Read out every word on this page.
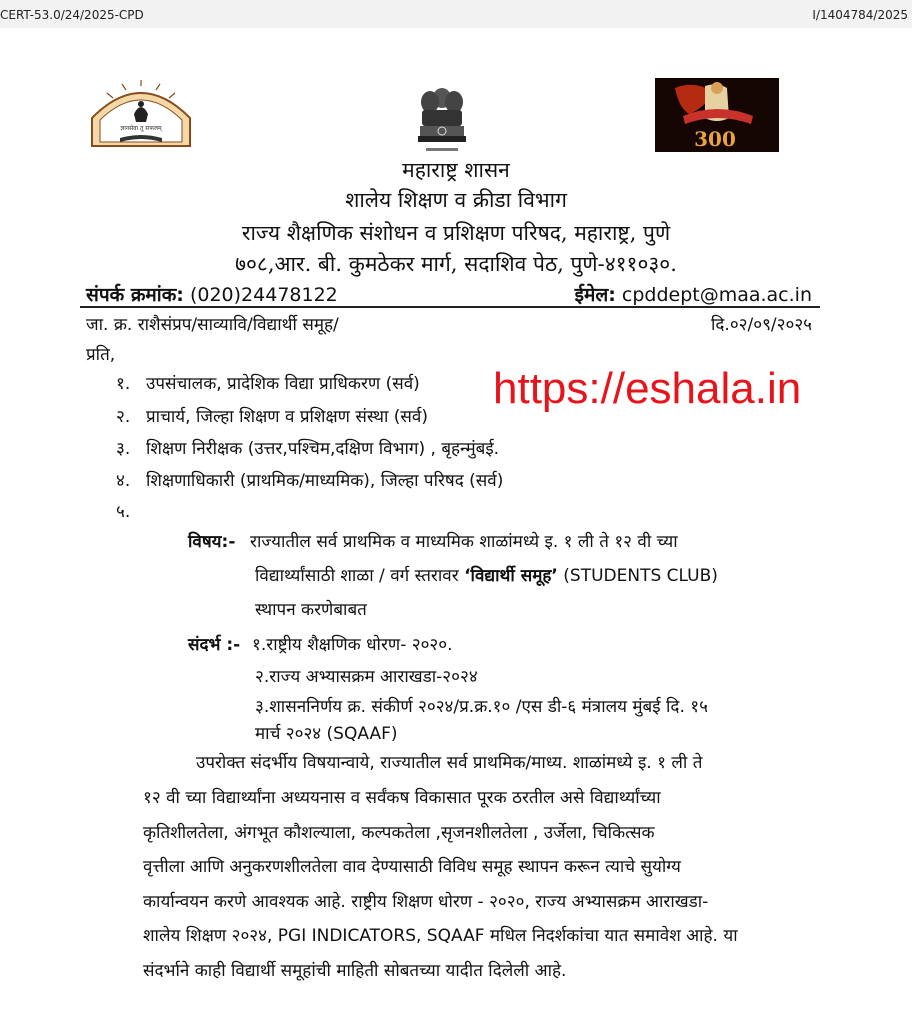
CERT-53.0/24/2025-CPD	I/1404784/2025
ज्ञानसेवा तु सफलम्	300
महाराष्ट्र शासन
शालेय शिक्षण व क्रीडा विभाग
राज्य शैक्षणिक संशोधन व प्रशिक्षण परिषद, महाराष्ट्र, पुणे
७०८,आर. बी. कुमठेकर मार्ग, सदाशिव पेठ, पुणे-४११०३०.
संपर्क क्रमांक: (020)24478122	ईमेल: cpddept@maa.ac.in
जा. क्र. राशैसंप्रप/साव्यावि/विद्यार्थी समूह/	दि.०२/०९/२०२५
प्रति,
१. उपसंचालक, प्रादेशिक विद्या प्राधिकरण (सर्व)
२. प्राचार्य, जिल्हा शिक्षण व प्रशिक्षण संस्था (सर्व)
३. शिक्षण निरीक्षक (उत्तर,पश्चिम,दक्षिण विभाग) , बृहन्मुंबई.
४. शिक्षणाधिकारी (प्राथमिक/माध्यमिक), जिल्हा परिषद (सर्व)
५.
https://eshala.in
विषय:- राज्यातील सर्व प्राथमिक व माध्यमिक शाळांमध्ये इ. १ ली ते १२ वी च्या
विद्यार्थ्यांसाठी शाळा / वर्ग स्तरावर ‘विद्यार्थी समूह’ (STUDENTS CLUB)
स्थापन करणेबाबत
संदर्भ :- १.राष्ट्रीय शैक्षणिक धोरण- २०२०.
२.राज्य अभ्यासक्रम आराखडा-२०२४
३.शासननिर्णय क्र. संकीर्ण २०२४/प्र.क्र.१० /एस डी-६ मंत्रालय मुंबई दि. १५
मार्च २०२४ (SQAAF)
उपरोक्त संदर्भीय विषयान्वाये, राज्यातील सर्व प्राथमिक/माध्य. शाळांमध्ये इ. १ ली ते
१२ वी च्या विद्यार्थ्यांना अध्ययनास व सर्वंकष विकासात पूरक ठरतील असे विद्यार्थ्यांच्या
कृतिशीलतेला, अंगभूत कौशल्याला, कल्पकतेला ,सृजनशीलतेला , उर्जेला, चिकित्सक
वृत्तीला आणि अनुकरणशीलतेला वाव देण्यासाठी विविध समूह स्थापन करून त्याचे सुयोग्य
कार्यान्वयन करणे आवश्यक आहे. राष्ट्रीय शिक्षण धोरण - २०२०, राज्य अभ्यासक्रम आराखडा-
शालेय शिक्षण २०२४, PGI INDICATORS, SQAAF मधिल निदर्शकांचा यात समावेश आहे. या
संदर्भाने काही विद्यार्थी समूहांची माहिती सोबतच्या यादीत दिलेली आहे.
